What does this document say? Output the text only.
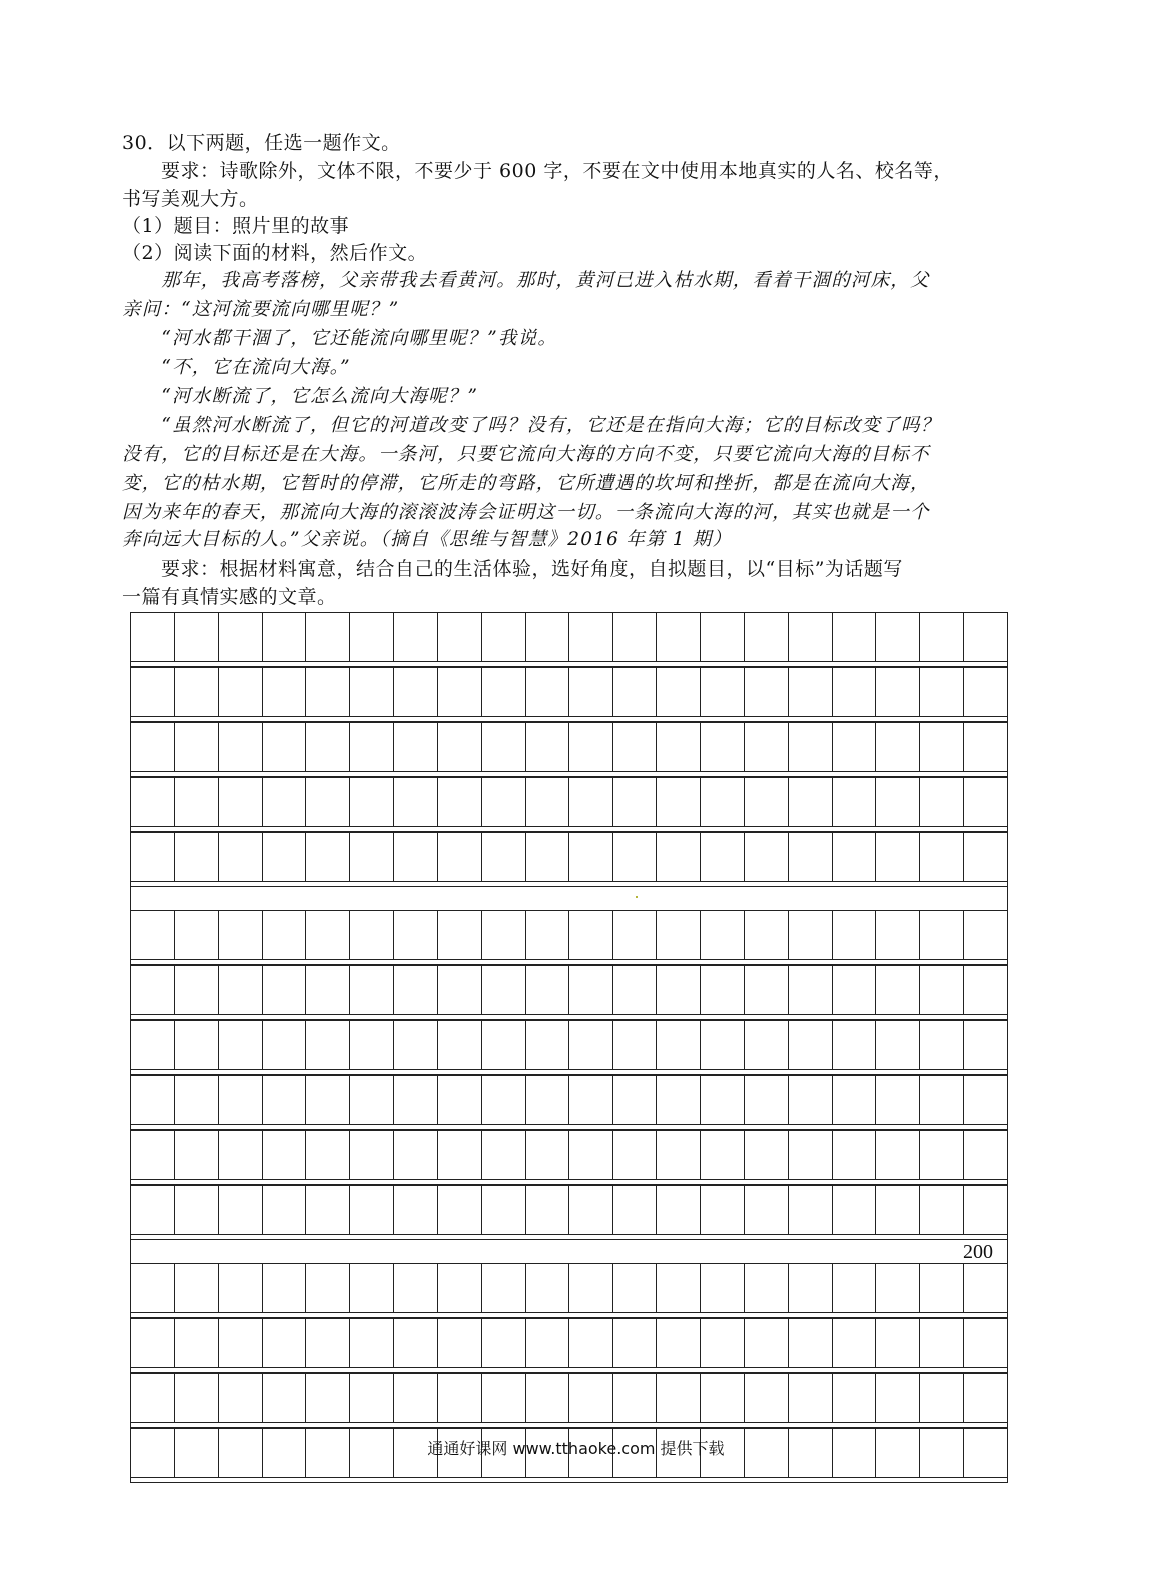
30．以下两题，任选一题作文。
　　要求：诗歌除外，文体不限，不要少于 600 字，不要在文中使用本地真实的人名、校名等，
书写美观大方。
（1）题目：照片里的故事
（2）阅读下面的材料，然后作文。
　　那年，我高考落榜，父亲带我去看黄河。那时，黄河已进入枯水期，看着干涸的河床，父
亲问：“这河流要流向哪里呢？”
　　“河水都干涸了，它还能流向哪里呢？”我说。
　　“不，它在流向大海。”
　　“河水断流了，它怎么流向大海呢？”
　　“虽然河水断流了，但它的河道改变了吗？没有，它还是在指向大海；它的目标改变了吗？
没有，它的目标还是在大海。一条河，只要它流向大海的方向不变，只要它流向大海的目标不
变，它的枯水期，它暂时的停滞，它所走的弯路，它所遭遇的坎坷和挫折，都是在流向大海，
因为来年的春天，那流向大海的滚滚波涛会证明这一切。一条流向大海的河，其实也就是一个
奔向远大目标的人。”父亲说。（摘自《思维与智慧》2016 年第 1 期）
　　要求：根据材料寓意，结合自己的生活体验，选好角度，自拟题目，以“目标”为话题写
一篇有真情实感的文章。
200
通通好课网 www.tthaoke.com 提供下载
